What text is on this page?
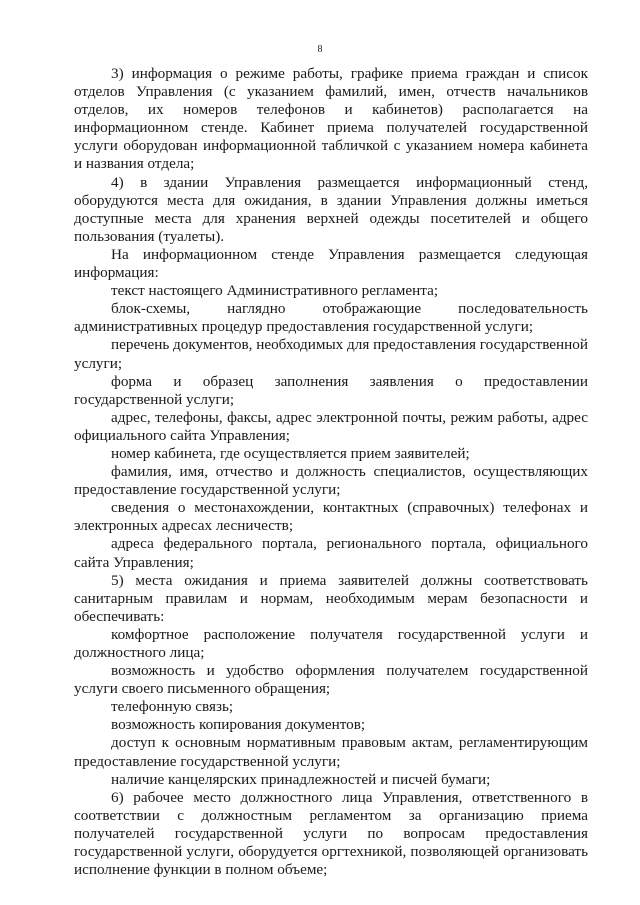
8

3) информация о режиме работы, графике приема граждан и список отделов Управления (с указанием фамилий, имен, отчеств начальников отделов, их номеров телефонов и кабинетов) располагается на информационном стенде. Кабинет приема получателей государственной услуги оборудован информационной табличкой с указанием номера кабинета и названия отдела;

4) в здании Управления размещается информационный стенд, оборудуются места для ожидания, в здании Управления должны иметься доступные места для хранения верхней одежды посетителей и общего пользования (туалеты).

На информационном стенде Управления размещается следующая информация:

текст настоящего Административного регламента;

блок-схемы, наглядно отображающие последовательность административных процедур предоставления государственной услуги;

перечень документов, необходимых для предоставления государственной услуги;

форма и образец заполнения заявления о предоставлении государственной услуги;

адрес, телефоны, факсы, адрес электронной почты, режим работы, адрес официального сайта Управления;

номер кабинета, где осуществляется прием заявителей;

фамилия, имя, отчество и должность специалистов, осуществляющих предоставление государственной услуги;

сведения о местонахождении, контактных (справочных) телефонах и электронных адресах лесничеств;

адреса федерального портала, регионального портала, официального сайта Управления;

5) места ожидания и приема заявителей должны соответствовать санитарным правилам и нормам, необходимым мерам безопасности и обеспечивать:

комфортное расположение получателя государственной услуги и должностного лица;

возможность и удобство оформления получателем государственной услуги своего письменного обращения;

телефонную связь;

возможность копирования документов;

доступ к основным нормативным правовым актам, регламентирующим предоставление государственной услуги;

наличие канцелярских принадлежностей и писчей бумаги;

6) рабочее место должностного лица Управления, ответственного в соответствии с должностным регламентом за организацию приема получателей государственной услуги по вопросам предоставления государственной услуги, оборудуется оргтехникой, позволяющей организовать исполнение функции в полном объеме;
